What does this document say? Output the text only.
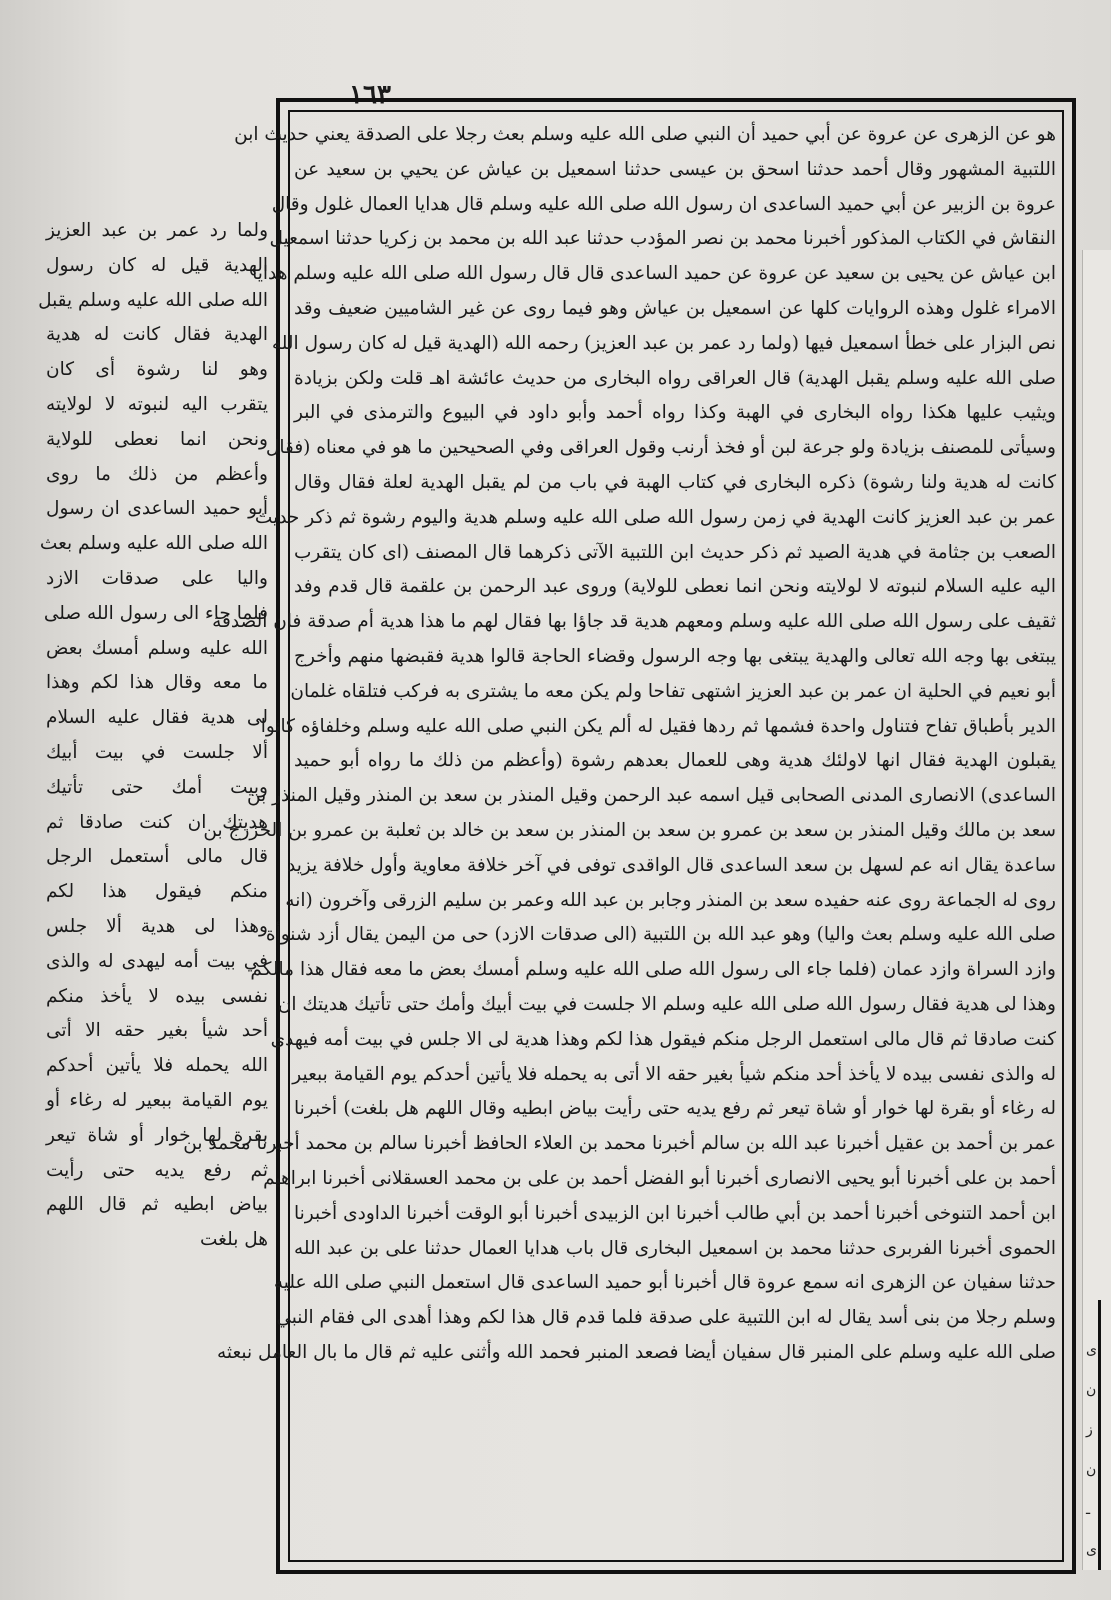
١٦٣
هو عن الزهرى عن عروة عن أبي حميد أن النبي صلى الله عليه وسلم بعث رجلا على الصدقة يعني حديث ابن
اللتبية المشهور وقال أحمد حدثنا اسحق بن عيسى حدثنا اسمعيل بن عياش عن يحيي بن سعيد عن
عروة بن الزبير عن أبي حميد الساعدى ان رسول الله صلى الله عليه وسلم قال هدايا العمال غلول وقال
النقاش في الكتاب المذكور أخبرنا محمد بن نصر المؤدب حدثنا عبد الله بن محمد بن زكريا حدثنا اسمعيل
ابن عياش عن يحيى بن سعيد عن عروة عن حميد الساعدى قال قال رسول الله صلى الله عليه وسلم هدايا
الامراء غلول وهذه الروايات كلها عن اسمعيل بن عياش وهو فيما روى عن غير الشاميين ضعيف وقد
نص البزار على خطأ اسمعيل فيها (ولما رد عمر بن عبد العزيز) رحمه الله (الهدية قيل له كان رسول الله
صلى الله عليه وسلم يقبل الهدية) قال العراقى رواه البخارى من حديث عائشة اهـ قلت ولكن بزيادة
ويثيب عليها هكذا رواه البخارى في الهبة وكذا رواه أحمد وأبو داود في البيوع والترمذى في البر
وسيأتى للمصنف بزيادة ولو جرعة لبن أو فخذ أرنب وقول العراقى وفي الصحيحين ما هو في معناه (فقال
كانت له هدية ولنا رشوة) ذكره البخارى في كتاب الهبة في باب من لم يقبل الهدية لعلة فقال وقال
عمر بن عبد العزيز كانت الهدية في زمن رسول الله صلى الله عليه وسلم هدية واليوم رشوة ثم ذكر حديث
الصعب بن جثامة في هدية الصيد ثم ذكر حديث ابن اللتبية الآتى ذكرهما قال المصنف (اى كان يتقرب
اليه عليه السلام لنبوته لا لولايته ونحن انما نعطى للولاية) وروى عبد الرحمن بن علقمة قال قدم وفد
ثقيف على رسول الله صلى الله عليه وسلم ومعهم هدية قد جاؤا بها فقال لهم ما هذا هدية أم صدقة فان الصدقة
يبتغى بها وجه الله تعالى والهدية يبتغى بها وجه الرسول وقضاء الحاجة قالوا هدية فقبضها منهم وأخرج
أبو نعيم في الحلية ان عمر بن عبد العزيز اشتهى تفاحا ولم يكن معه ما يشترى به فركب فتلقاه غلمان
الدير بأطباق تفاح فتناول واحدة فشمها ثم ردها فقيل له ألم يكن النبي صلى الله عليه وسلم وخلفاؤه كانوا
يقبلون الهدية فقال انها لاولئك هدية وهى للعمال بعدهم رشوة (وأعظم من ذلك ما رواه أبو حميد
الساعدى) الانصارى المدنى الصحابى قيل اسمه عبد الرحمن وقيل المنذر بن سعد بن المنذر وقيل المنذر بن
سعد بن مالك وقيل المنذر بن سعد بن عمرو بن سعد بن المنذر بن سعد بن خالد بن ثعلبة بن عمرو بن الخزرج بن
ساعدة يقال انه عم لسهل بن سعد الساعدى قال الواقدى توفى في آخر خلافة معاوية وأول خلافة يزيد
روى له الجماعة روى عنه حفيده سعد بن المنذر وجابر بن عبد الله وعمر بن سليم الزرقى وآخرون (انه
صلى الله عليه وسلم بعث واليا) وهو عبد الله بن اللتبية (الى صدقات الازد) حى من اليمن يقال أزد شنوأة
وازد السراة وازد عمان (فلما جاء الى رسول الله صلى الله عليه وسلم أمسك بعض ما معه فقال هذا مالكم
وهذا لى هدية فقال رسول الله صلى الله عليه وسلم الا جلست في بيت أبيك وأمك حتى تأتيك هديتك ان
كنت صادقا ثم قال مالى استعمل الرجل منكم فيقول هذا لكم وهذا هدية لى الا جلس في بيت أمه فيهدى
له والذى نفسى بيده لا يأخذ أحد منكم شيأ بغير حقه الا أتى به يحمله فلا يأتين أحدكم يوم القيامة ببعير
له رغاء أو بقرة لها خوار أو شاة تيعر ثم رفع يديه حتى رأيت بياض ابطيه وقال اللهم هل بلغت) أخبرنا
عمر بن أحمد بن عقيل أخبرنا عبد الله بن سالم أخبرنا محمد بن العلاء الحافظ أخبرنا سالم بن محمد أخبرنا محمد بن
أحمد بن على أخبرنا أبو يحيى الانصارى أخبرنا أبو الفضل أحمد بن على بن محمد العسقلانى أخبرنا ابراهيم
ابن أحمد التنوخى أخبرنا أحمد بن أبي طالب أخبرنا ابن الزبيدى أخبرنا أبو الوقت أخبرنا الداودى أخبرنا
الحموى أخبرنا الفربرى حدثنا محمد بن اسمعيل البخارى قال باب هدايا العمال حدثنا على بن عبد الله
حدثنا سفيان عن الزهرى انه سمع عروة قال أخبرنا أبو حميد الساعدى قال استعمل النبي صلى الله عليه
وسلم رجلا من بنى أسد يقال له ابن اللتبية على صدقة فلما قدم قال هذا لكم وهذا أهدى الى فقام النبي
صلى الله عليه وسلم على المنبر قال سفيان أيضا فصعد المنبر فحمد الله وأثنى عليه ثم قال ما بال العامل نبعثه
ولما رد عمر بن عبد العزيز
الهدية قيل له كان رسول
الله صلى الله عليه وسلم يقبل
الهدية فقال كانت له هدية
وهو لنا رشوة أى كان
يتقرب اليه لنبوته لا لولايته
ونحن انما نعطى للولاية
وأعظم من ذلك ما روى
أبو حميد الساعدى ان رسول
الله صلى الله عليه وسلم بعث
واليا على صدقات الازد
فلما جاء الى رسول الله صلى
الله عليه وسلم أمسك بعض
ما معه وقال هذا لكم وهذا
لى هدية فقال عليه السلام
ألا جلست في بيت أبيك
وبيت أمك حتى تأتيك
هديتك ان كنت صادقا ثم
قال مالى أستعمل الرجل
منكم فيقول هذا لكم
وهذا لى هدية ألا جلس
في بيت أمه ليهدى له والذى
نفسى بيده لا يأخذ منكم
أحد شيأ بغير حقه الا أتى
الله يحمله فلا يأتين أحدكم
يوم القيامة ببعير له رغاء أو
بقرة لها خوار أو شاة تيعر
ثم رفع يديه حتى رأيت
بياض ابطيه ثم قال اللهم
هل بلغت
ى
ن
ز
ن
ـ
ى
